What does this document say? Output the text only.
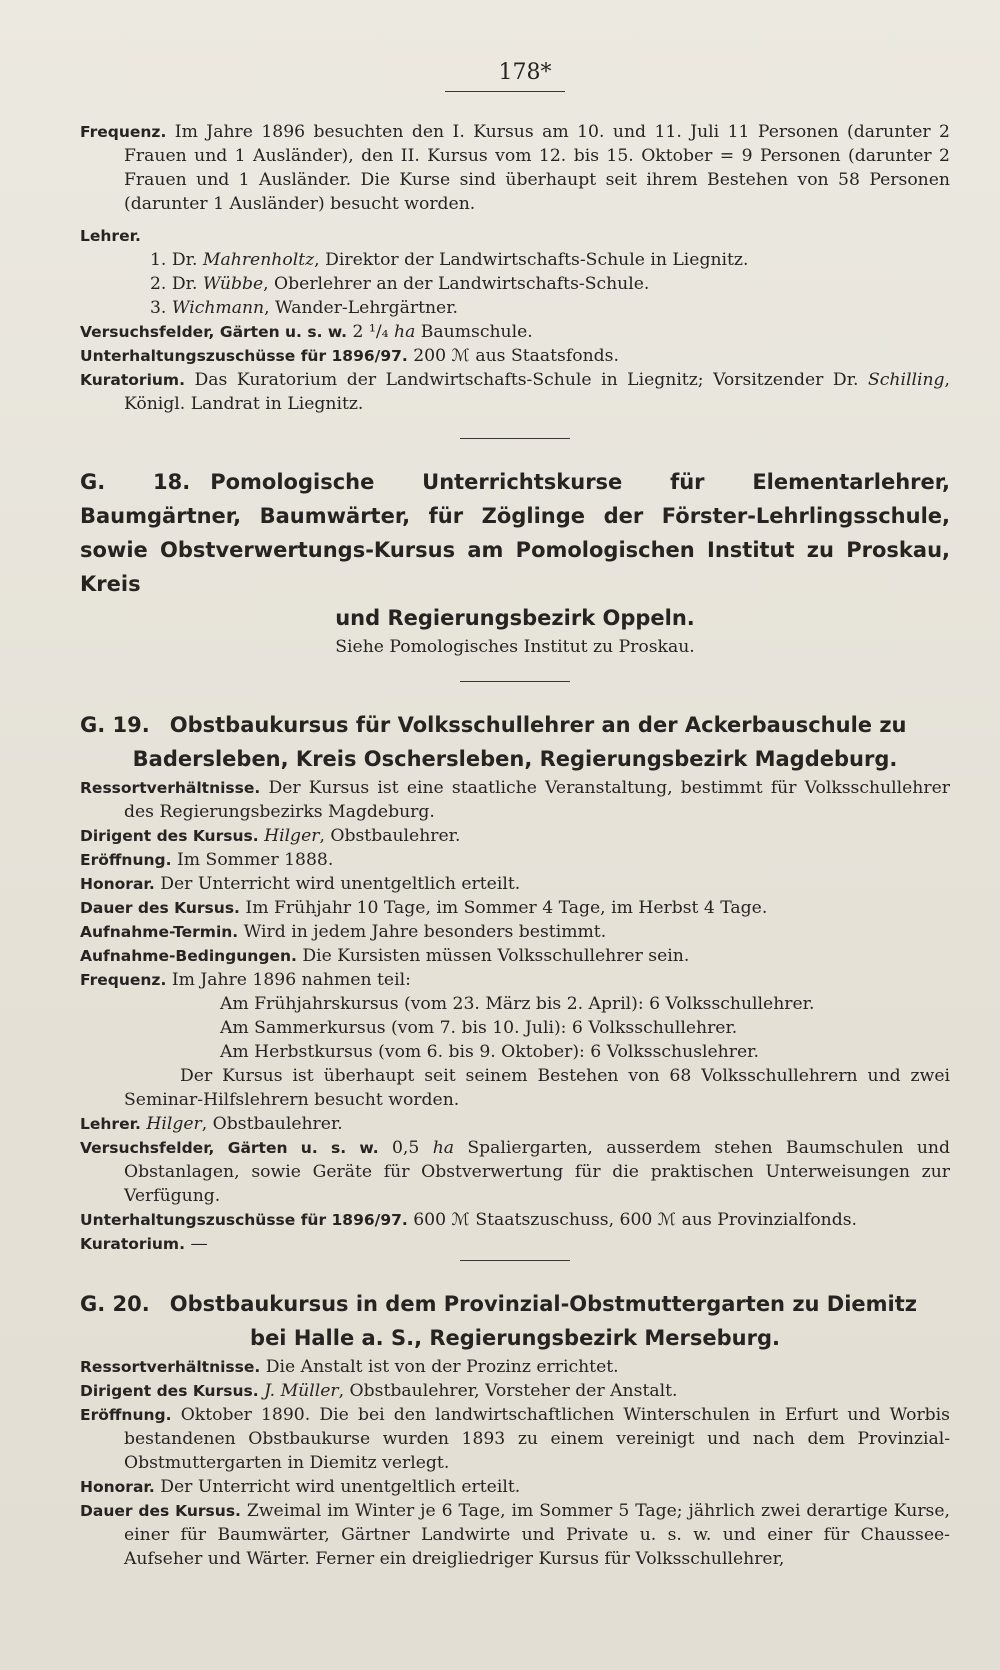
178*

Frequenz. Im Jahre 1896 besuchten den I. Kursus am 10. und 11. Juli 11 Personen (darunter 2 Frauen und 1 Ausländer), den II. Kursus vom 12. bis 15. Oktober = 9 Personen (darunter 2 Frauen und 1 Ausländer. Die Kurse sind überhaupt seit ihrem Bestehen von 58 Personen (darunter 1 Ausländer) besucht worden.

Lehrer.

1. Dr. Mahrenholtz, Direktor der Landwirtschafts-Schule in Liegnitz.

2. Dr. Wübbe, Oberlehrer an der Landwirtschafts-Schule.

3. Wichmann, Wander-Lehrgärtner.

Versuchsfelder, Gärten u. s. w. 2 ¹/₄ ha Baumschule.

Unterhaltungszuschüsse für 1896/97. 200 ℳ aus Staatsfonds.

Kuratorium. Das Kuratorium der Landwirtschafts-Schule in Liegnitz; Vorsitzender Dr. Schilling, Königl. Landrat in Liegnitz.

G. 18. Pomologische Unterrichtskurse für Elementarlehrer, Baumgärtner, Baumwärter, für Zöglinge der Förster-Lehrlingsschule, sowie Obstverwertungs-Kursus am Pomologischen Institut zu Proskau, Kreis
und Regierungsbezirk Oppeln.

Siehe Pomologisches Institut zu Proskau.

G. 19. Obstbaukursus für Volksschullehrer an der Ackerbauschule zu
Badersleben, Kreis Oschersleben, Regierungsbezirk Magdeburg.

Ressortverhältnisse. Der Kursus ist eine staatliche Veranstaltung, bestimmt für Volksschullehrer des Regierungsbezirks Magdeburg.

Dirigent des Kursus. Hilger, Obstbaulehrer.

Eröffnung. Im Sommer 1888.

Honorar. Der Unterricht wird unentgeltlich erteilt.

Dauer des Kursus. Im Frühjahr 10 Tage, im Sommer 4 Tage, im Herbst 4 Tage.

Aufnahme-Termin. Wird in jedem Jahre besonders bestimmt.

Aufnahme-Bedingungen. Die Kursisten müssen Volksschullehrer sein.

Frequenz. Im Jahre 1896 nahmen teil:

Am Frühjahrskursus (vom 23. März bis 2. April): 6 Volksschullehrer.

Am Sammerkursus (vom 7. bis 10. Juli): 6 Volksschullehrer.

Am Herbstkursus (vom 6. bis 9. Oktober): 6 Volksschuslehrer.

Der Kursus ist überhaupt seit seinem Bestehen von 68 Volksschullehrern und zwei Seminar-Hilfslehrern besucht worden.

Lehrer. Hilger, Obstbaulehrer.

Versuchsfelder, Gärten u. s. w. 0,5 ha Spaliergarten, ausserdem stehen Baumschulen und Obstanlagen, sowie Geräte für Obstverwertung für die praktischen Unterweisungen zur Verfügung.

Unterhaltungszuschüsse für 1896/97. 600 ℳ Staatszuschuss, 600 ℳ aus Provinzialfonds.

Kuratorium. —

G. 20. Obstbaukursus in dem Provinzial-Obstmuttergarten zu Diemitz
bei Halle a. S., Regierungsbezirk Merseburg.

Ressortverhältnisse. Die Anstalt ist von der Prozinz errichtet.

Dirigent des Kursus. J. Müller, Obstbaulehrer, Vorsteher der Anstalt.

Eröffnung. Oktober 1890. Die bei den landwirtschaftlichen Winterschulen in Erfurt und Worbis bestandenen Obstbaukurse wurden 1893 zu einem vereinigt und nach dem Provinzial-Obstmuttergarten in Diemitz verlegt.

Honorar. Der Unterricht wird unentgeltlich erteilt.

Dauer des Kursus. Zweimal im Winter je 6 Tage, im Sommer 5 Tage; jährlich zwei derartige Kurse, einer für Baumwärter, Gärtner Landwirte und Private u. s. w. und einer für Chaussee-Aufseher und Wärter. Ferner ein dreigliedriger Kursus für Volksschullehrer,
